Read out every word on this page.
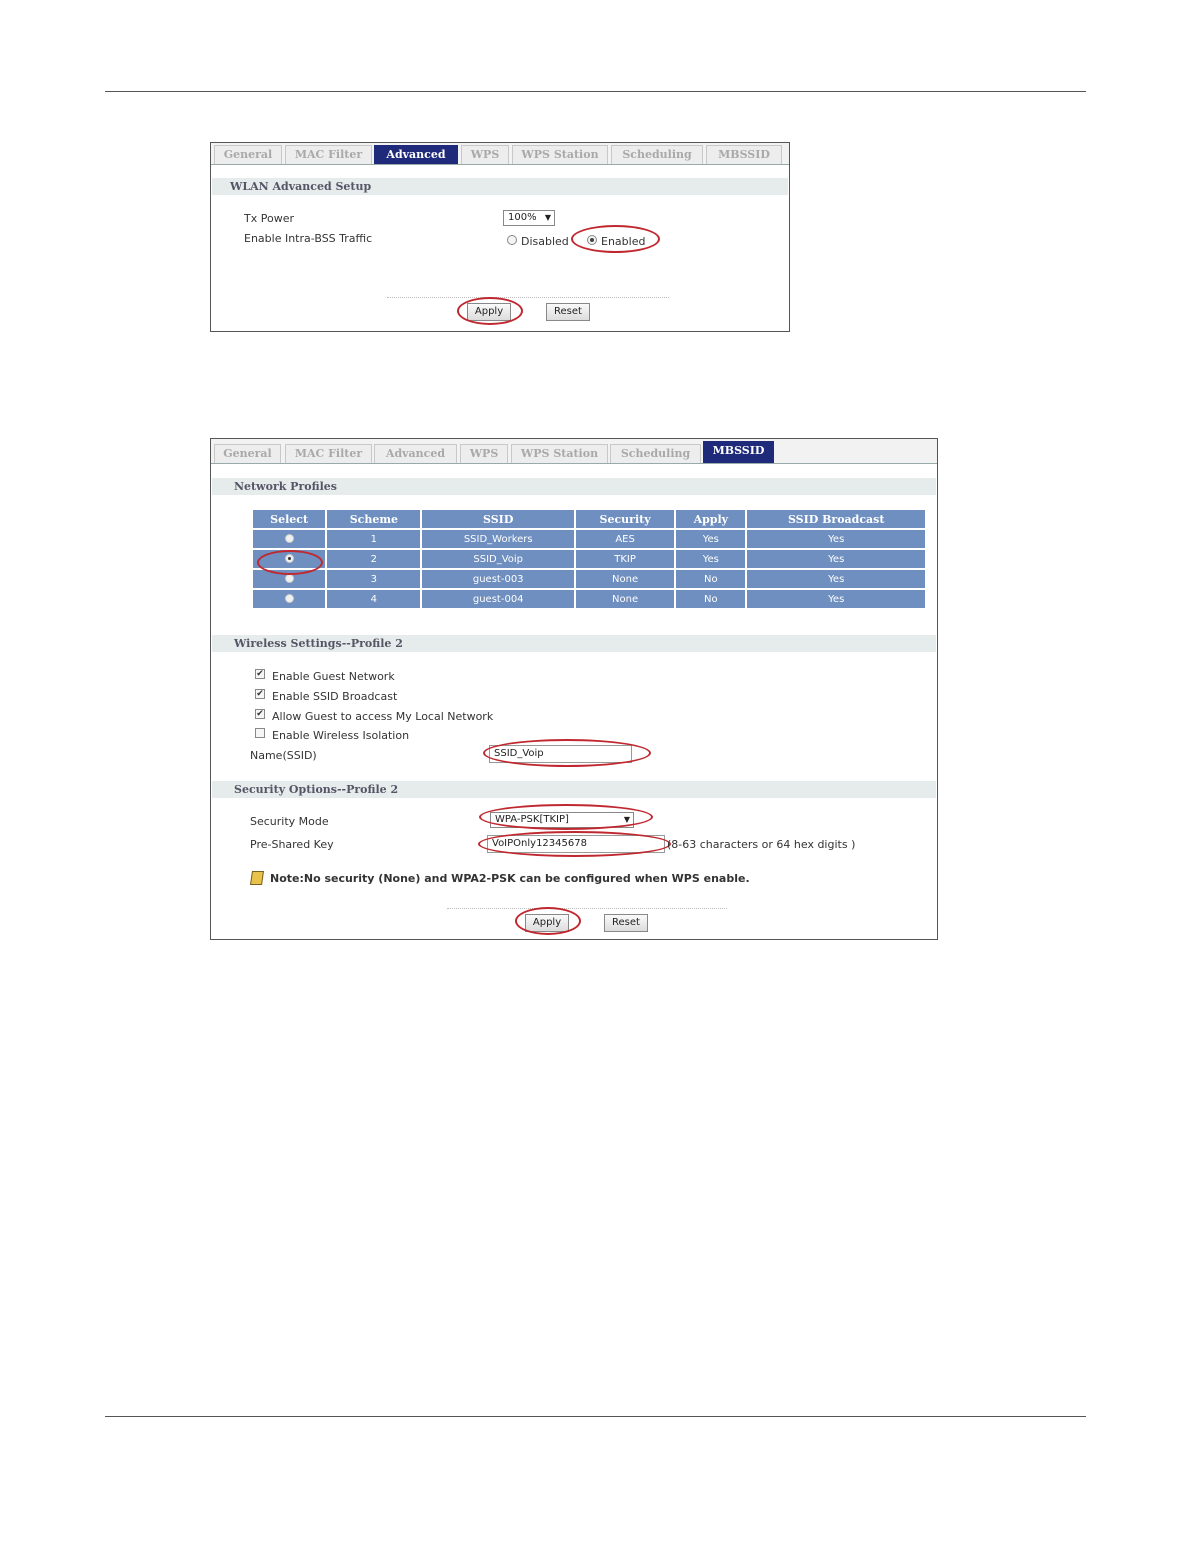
General	MAC Filter	Advanced	WPS	WPS Station	Scheduling	MBSSID
WLAN Advanced Setup
Tx Power	100% ▼
Enable Intra-BSS Traffic	Disabled	Enabled
Apply	Reset
General	MAC Filter	Advanced	WPS	WPS Station	Scheduling	MBSSID
Network Profiles
Select	Scheme	SSID	Security	Apply	SSID Broadcast
	1	SSID_Workers	AES	Yes	Yes
	2	SSID_Voip	TKIP	Yes	Yes
	3	guest-003	None	No	Yes
	4	guest-004	None	No	Yes
Wireless Settings--Profile 2
✔ Enable Guest Network
✔ Enable SSID Broadcast
✔ Allow Guest to access My Local Network
Enable Wireless Isolation
Name(SSID)	SSID_Voip
Security Options--Profile 2
Security Mode	WPA-PSK[TKIP]	▼
Pre-Shared Key	VoIPOnly12345678	(8-63 characters or 64 hex digits )
Note:No security (None) and WPA2-PSK can be configured when WPS enable.
Apply	Reset
